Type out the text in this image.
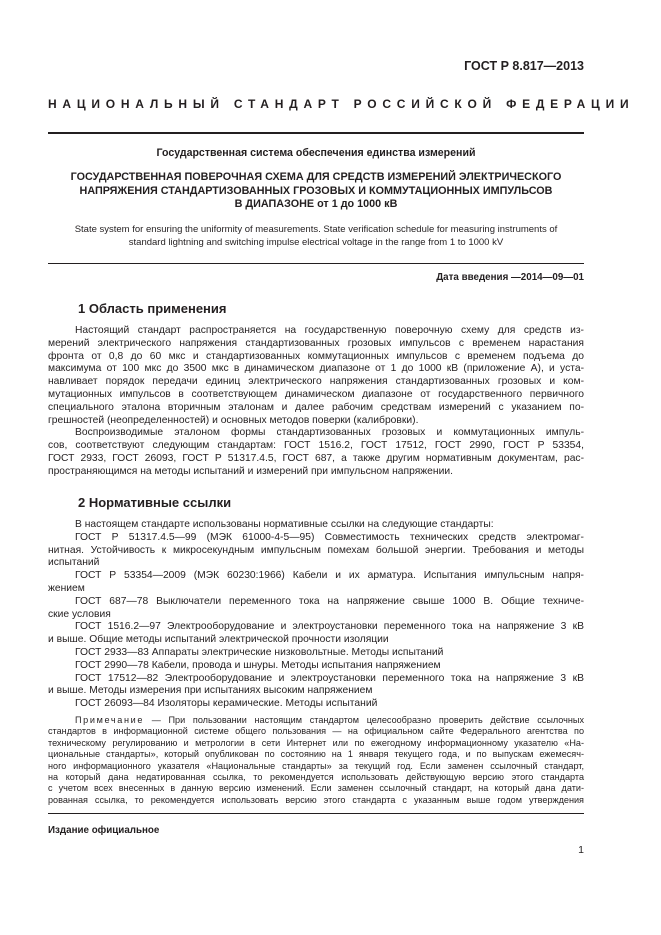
ГОСТ Р 8.817—2013
НАЦИОНАЛЬНЫЙ СТАНДАРТ РОССИЙСКОЙ ФЕДЕРАЦИИ
Государственная система обеспечения единства измерений
ГОСУДАРСТВЕННАЯ ПОВЕРОЧНАЯ СХЕМА ДЛЯ СРЕДСТВ ИЗМЕРЕНИЙ ЭЛЕКТРИЧЕСКОГО
НАПРЯЖЕНИЯ СТАНДАРТИЗОВАННЫХ ГРОЗОВЫХ И КОММУТАЦИОННЫХ ИМПУЛЬСОВ
В ДИАПАЗОНЕ от 1 до 1000 кВ
State system for ensuring the uniformity of measurements. State verification schedule for measuring instruments of
standard lightning and switching impulse electrical voltage in the range from 1 to 1000 kV
Дата введения —2014—09—01
1 Область применения
Настоящий стандарт распространяется на государственную поверочную схему для средств из-
мерений электрического напряжения стандартизованных грозовых импульсов с временем нарастания
фронта от 0,8 до 60 мкс и стандартизованных коммутационных импульсов с временем подъема до
максимума от 100 мкс до 3500 мкс в динамическом диапазоне от 1 до 1000 кВ (приложение А), и уста-
навливает порядок передачи единиц электрического напряжения стандартизованных грозовых и ком-
мутационных импульсов в соответствующем динамическом диапазоне от государственного первичного
специального эталона вторичным эталонам и далее рабочим средствам измерений с указанием по-
грешностей (неопределенностей) и основных методов поверки (калибровки).
Воспроизводимые эталоном формы стандартизованных грозовых и коммутационных импуль-
сов, соответствуют следующим стандартам: ГОСТ 1516.2, ГОСТ 17512, ГОСТ 2990, ГОСТ Р 53354,
ГОСТ 2933, ГОСТ 26093, ГОСТ Р 51317.4.5, ГОСТ 687, а также другим нормативным документам, рас-
пространяющимся на методы испытаний и измерений при импульсном напряжении.
2 Нормативные ссылки
В настоящем стандарте использованы нормативные ссылки на следующие стандарты:
ГОСТ Р 51317.4.5—99 (МЭК 61000-4-5—95) Совместимость технических средств электромаг-
нитная. Устойчивость к микросекундным импульсным помехам большой энергии. Требования и методы
испытаний
ГОСТ Р 53354—2009 (МЭК 60230:1966) Кабели и их арматура. Испытания импульсным напря-
жением
ГОСТ 687—78 Выключатели переменного тока на напряжение свыше 1000 В. Общие техниче-
ские условия
ГОСТ 1516.2—97 Электрооборудование и электроустановки переменного тока на напряжение 3 кВ
и выше. Общие методы испытаний электрической прочности изоляции
ГОСТ 2933—83 Аппараты электрические низковольтные. Методы испытаний
ГОСТ 2990—78 Кабели, провода и шнуры. Методы испытания напряжением
ГОСТ 17512—82 Электрооборудование и электроустановки переменного тока на напряжение 3 кВ
и выше. Методы измерения при испытаниях высоким напряжением
ГОСТ 26093—84 Изоляторы керамические. Методы испытаний
Примечание — При пользовании настоящим стандартом целесообразно проверить действие ссылочных
стандартов в информационной системе общего пользования — на официальном сайте Федерального агентства по
техническому регулированию и метрологии в сети Интернет или по ежегодному информационному указателю «На-
циональные стандарты», который опубликован по состоянию на 1 января текущего года, и по выпускам ежемесяч-
ного информационного указателя «Национальные стандарты» за текущий год. Если заменен ссылочный стандарт,
на который дана недатированная ссылка, то рекомендуется использовать действующую версию этого стандарта
с учетом всех внесенных в данную версию изменений. Если заменен ссылочный стандарт, на который дана дати-
рованная ссылка, то рекомендуется использовать версию этого стандарта с указанным выше годом утверждения
Издание официальное
1
